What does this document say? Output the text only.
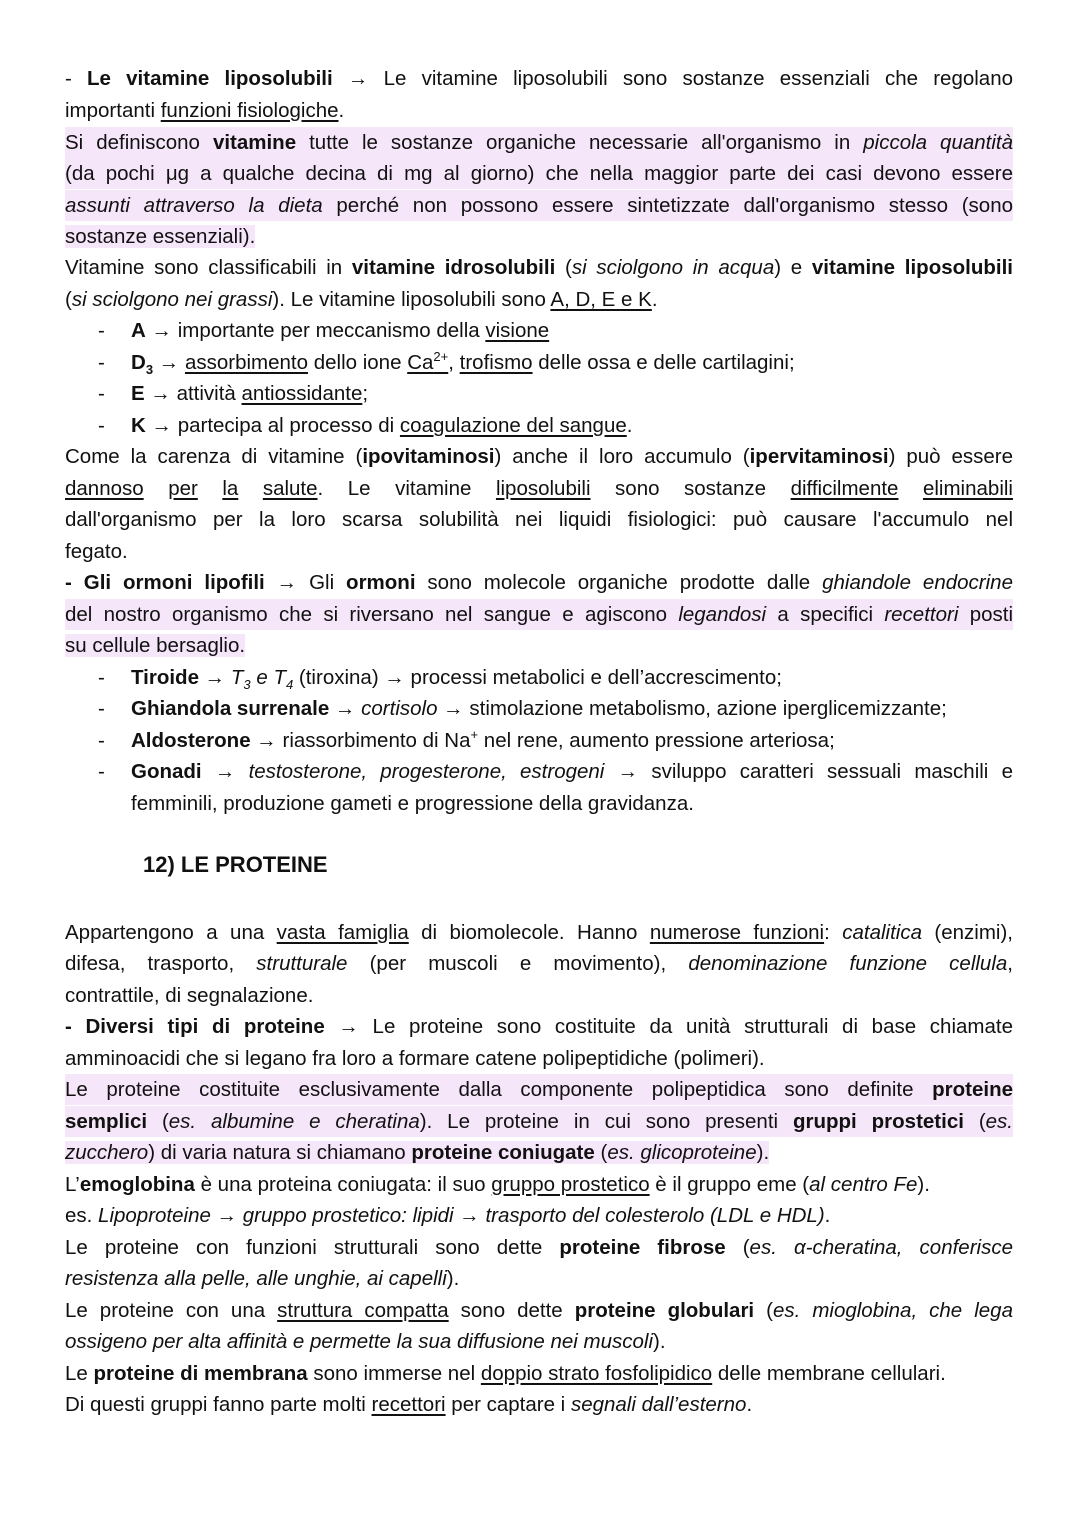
- Le vitamine liposolubili → Le vitamine liposolubili sono sostanze essenziali che regolano
importanti funzioni fisiologiche.
Si definiscono vitamine tutte le sostanze organiche necessarie all'organismo in piccola quantità
(da pochi μg a qualche decina di mg al giorno) che nella maggior parte dei casi devono essere
assunti attraverso la dieta perché non possono essere sintetizzate dall'organismo stesso (sono
sostanze essenziali).
Vitamine sono classificabili in vitamine idrosolubili (si sciolgono in acqua) e vitamine liposolubili
(si sciolgono nei grassi). Le vitamine liposolubili sono A, D, E e K.
- A → importante per meccanismo della visione
- $D_3$ → assorbimento dello ione $Ca^{2+}$, trofismo delle ossa e delle cartilagini;
- E → attività antiossidante;
- K → partecipa al processo di coagulazione del sangue.
Come la carenza di vitamine (ipovitaminosi) anche il loro accumulo (ipervitaminosi) può essere
dannoso per la salute. Le vitamine liposolubili sono sostanze difficilmente eliminabili
dall'organismo per la loro scarsa solubilità nei liquidi fisiologici: può causare l'accumulo nel
fegato.
- Gli ormoni lipofili → Gli ormoni sono molecole organiche prodotte dalle ghiandole endocrine
del nostro organismo che si riversano nel sangue e agiscono legandosi a specifici recettori posti
su cellule bersaglio.
- Tiroide → $T_3$ e $T_4$ (tiroxina) → processi metabolici e dell’accrescimento;
- Ghiandola surrenale → cortisolo → stimolazione metabolismo, azione iperglicemizzante;
- Aldosterone → riassorbimento di Na+ nel rene, aumento pressione arteriosa;
- Gonadi → testosterone, progesterone, estrogeni → sviluppo caratteri sessuali maschili e
femminili, produzione gameti e progressione della gravidanza.
12) LE PROTEINE
Appartengono a una vasta famiglia di biomolecole. Hanno numerose funzioni: catalitica (enzimi),
difesa, trasporto, strutturale (per muscoli e movimento), denominazione funzione cellula,
contrattile, di segnalazione.
- Diversi tipi di proteine → Le proteine sono costituite da unità strutturali di base chiamate
amminoacidi che si legano fra loro a formare catene polipeptidiche (polimeri).
Le proteine costituite esclusivamente dalla componente polipeptidica sono definite proteine
semplici (es. albumine e cheratina). Le proteine in cui sono presenti gruppi prostetici (es.
zucchero) di varia natura si chiamano proteine coniugate (es. glicoproteine).
L’emoglobina è una proteina coniugata: il suo gruppo prostetico è il gruppo eme (al centro Fe).
es. Lipoproteine → gruppo prostetico: lipidi → trasporto del colesterolo (LDL e HDL).
Le proteine con funzioni strutturali sono dette proteine fibrose (es. α-cheratina, conferisce
resistenza alla pelle, alle unghie, ai capelli).
Le proteine con una struttura compatta sono dette proteine globulari (es. mioglobina, che lega
ossigeno per alta affinità e permette la sua diffusione nei muscoli).
Le proteine di membrana sono immerse nel doppio strato fosfolipidico delle membrane cellulari.
Di questi gruppi fanno parte molti recettori per captare i segnali dall’esterno.
